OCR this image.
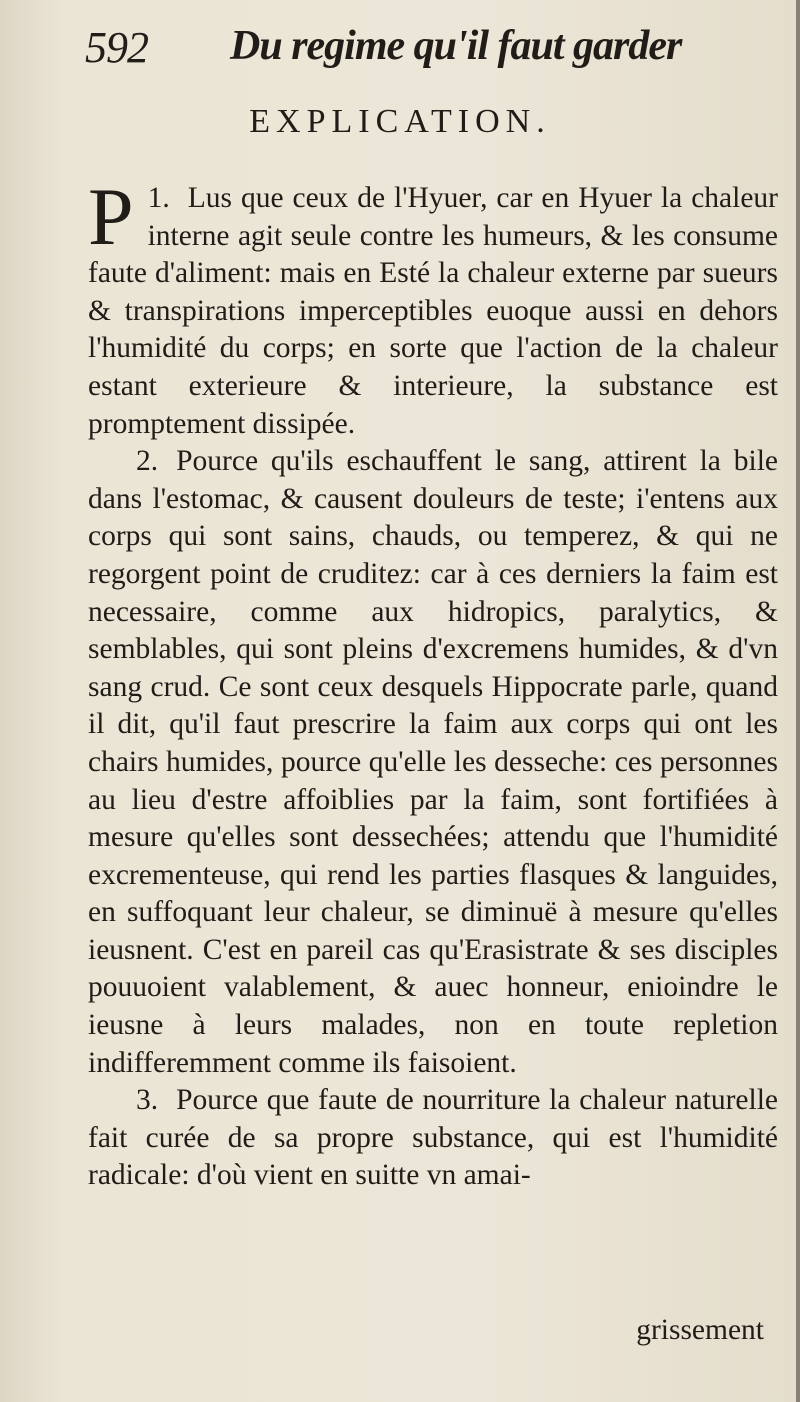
592 Du regime qu'il faut garder
EXPLICATION.

1.
P Lus que ceux de l'Hyuer, car en Hyuer la chaleur interne agit seule contre les humeurs, & les consume faute d'aliment: mais en Esté la chaleur externe par sueurs & transpirations imperceptibles euoque aussi en dehors l'humidité du corps; en sorte que l'action de la chaleur estant exterieure & interieure, la substance est promptement dissipée.

2. Pource qu'ils eschauffent le sang, attirent la bile dans l'estomac, & causent douleurs de teste; i'entens aux corps qui sont sains, chauds, ou temperez, & qui ne regorgent point de cruditez: car à ces derniers la faim est necessaire, comme aux hidropics, paralytics, & semblables, qui sont pleins d'excremens humides, & d'vn sang crud. Ce sont ceux desquels Hippocrate parle, quand il dit, qu'il faut prescrire la faim aux corps qui ont les chairs humides, pource qu'elle les desseche: ces personnes au lieu d'estre affoiblies par la faim, sont fortifiées à mesure qu'elles sont dessechées; attendu que l'humidité excrementeuse, qui rend les parties flasques & languides, en suffoquant leur chaleur, se diminuë à mesure qu'elles ieusnent. C'est en pareil cas qu'Erasistrate & ses disciples pouuoient valablement, & auec honneur, enioindre le ieusne à leurs malades, non en toute repletion indifferemment comme ils faisoient.

3. Pource que faute de nourriture la chaleur naturelle fait curée de sa propre substance, qui est l'humidité radicale: d'où vient en suitte vn amai-

grissement
